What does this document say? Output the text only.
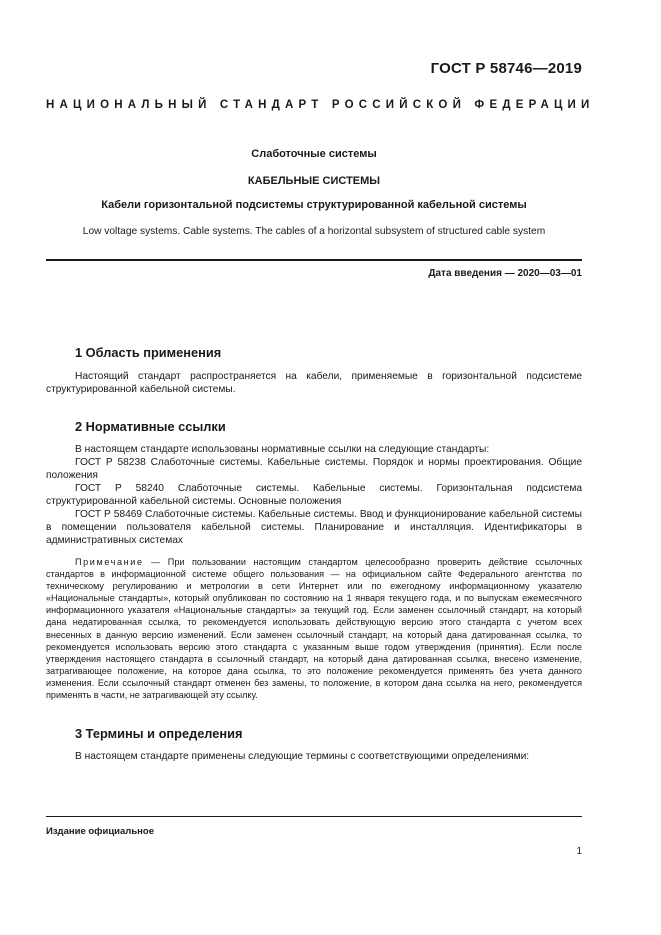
ГОСТ Р 58746—2019
НАЦИОНАЛЬНЫЙ СТАНДАРТ РОССИЙСКОЙ ФЕДЕРАЦИИ
Слаботочные системы
КАБЕЛЬНЫЕ СИСТЕМЫ
Кабели горизонтальной подсистемы структурированной кабельной системы
Low voltage systems. Cable systems. The cables of a horizontal subsystem of structured cable system
Дата введения — 2020—03—01
1 Область применения

Настоящий стандарт распространяется на кабели, применяемые в горизонтальной подсистеме структурированной кабельной системы.

2 Нормативные ссылки

В настоящем стандарте использованы нормативные ссылки на следующие стандарты:

ГОСТ Р 58238 Слаботочные системы. Кабельные системы. Порядок и нормы проектирования. Общие положения

ГОСТ Р 58240 Слаботочные системы. Кабельные системы. Горизонтальная подсистема структурированной кабельной системы. Основные положения

ГОСТ Р 58469 Слаботочные системы. Кабельные системы. Ввод и функционирование кабельной системы в помещении пользователя кабельной системы. Планирование и инсталляция. Идентификаторы в административных системах

Примечание — При пользовании настоящим стандартом целесообразно проверить действие ссылочных стандартов в информационной системе общего пользования — на официальном сайте Федерального агентства по техническому регулированию и метрологии в сети Интернет или по ежегодному информационному указателю «Национальные стандарты», который опубликован по состоянию на 1 января текущего года, и по выпускам ежемесячного информационного указателя «Национальные стандарты» за текущий год. Если заменен ссылочный стандарт, на который дана недатированная ссылка, то рекомендуется использовать действующую версию этого стандарта с учетом всех внесенных в данную версию изменений. Если заменен ссылочный стандарт, на который дана датированная ссылка, то рекомендуется использовать версию этого стандарта с указанным выше годом утверждения (принятия). Если после утверждения настоящего стандарта в ссылочный стандарт, на который дана датированная ссылка, внесено изменение, затрагивающее положение, на которое дана ссылка, то это положение рекомендуется применять без учета данного изменения. Если ссылочный стандарт отменен без замены, то положение, в котором дана ссылка на него, рекомендуется применять в части, не затрагивающей эту ссылку.

3 Термины и определения

В настоящем стандарте применены следующие термины с соответствующими определениями:

Издание официальное
1
